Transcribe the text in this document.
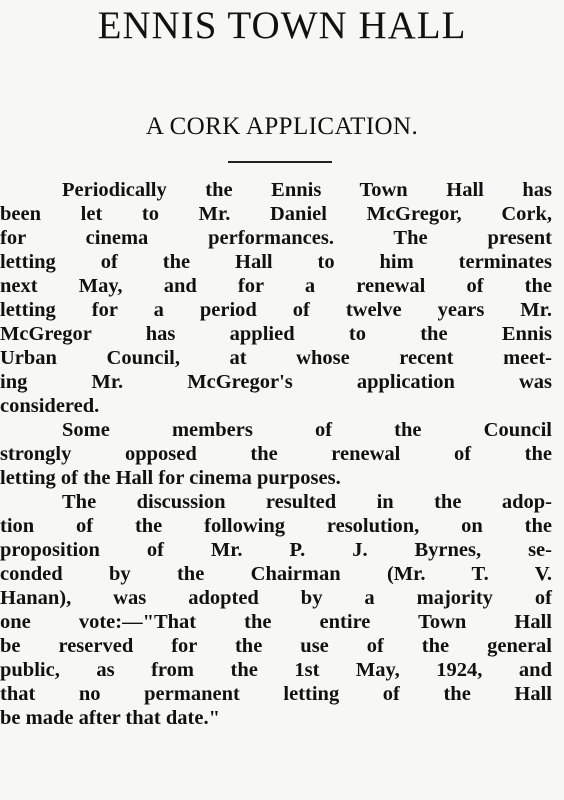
ENNIS TOWN HALL
A CORK APPLICATION.
Periodically the Ennis Town Hall has
been let to Mr. Daniel McGregor, Cork,
for cinema performances. The present
letting of the Hall to him terminates
next May, and for a renewal of the
letting for a period of twelve years Mr.
McGregor has applied to the Ennis
Urban Council, at whose recent meet-
ing Mr. McGregor's application was
considered.
Some members of the Council
strongly opposed the renewal of the
letting of the Hall for cinema purposes.
The discussion resulted in the adop-
tion of the following resolution, on the
proposition of Mr. P. J. Byrnes, se-
conded by the Chairman (Mr. T. V.
Hanan), was adopted by a majority of
one vote:—"That the entire Town Hall
be reserved for the use of the general
public, as from the 1st May, 1924, and
that no permanent letting of the Hall
be made after that date."
